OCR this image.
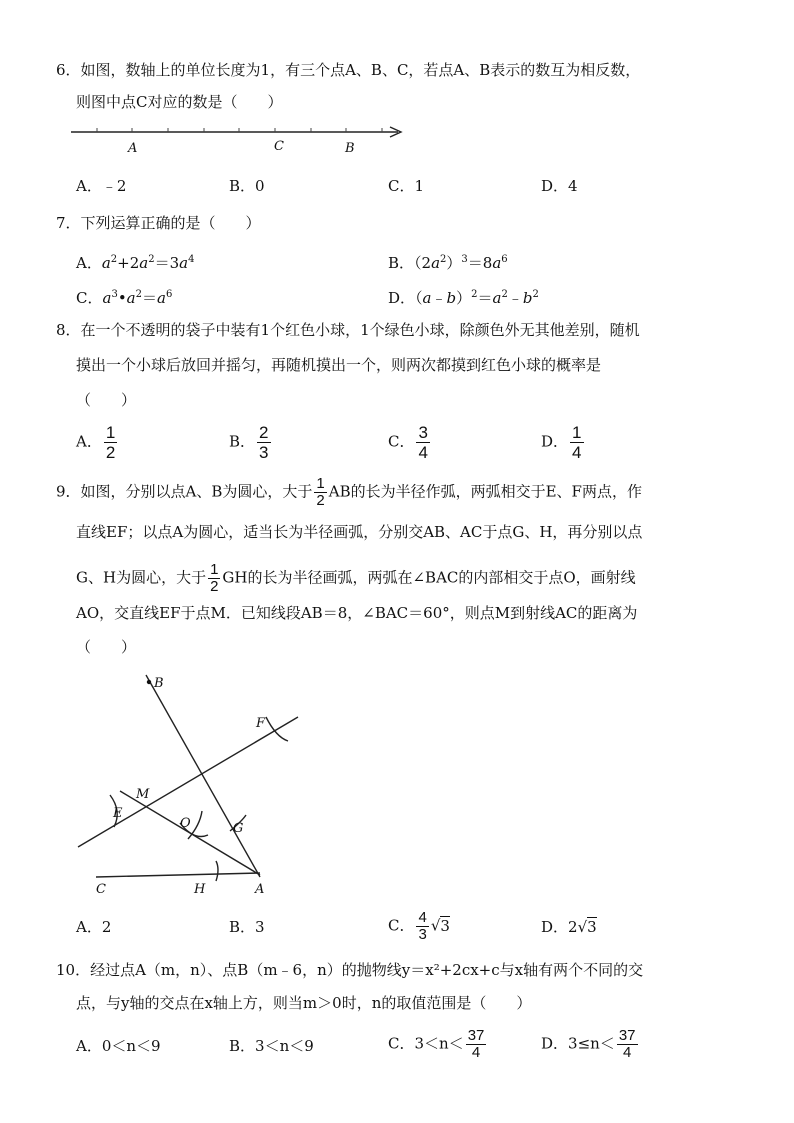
6．如图，数轴上的单位长度为1，有三个点A、B、C，若点A、B表示的数互为相反数，
则图中点C对应的数是（　　）
A	C	B
A．﹣2	B．0	C．1	D．4
7．下列运算正确的是（　　）
A．$a^2+2a^2=3a^4$	B．$(2a^2)^3=8a^6$
C．$a^3•a^2=a^6$	D．$(a﹣b)^2=a^2﹣b^2$
8．在一个不透明的袋子中装有1个红色小球，1个绿色小球，除颜色外无其他差别，随机
摸出一个小球后放回并摇匀，再随机摸出一个，则两次都摸到红色小球的概率是
（　　）
A． $\frac{1}{2}$	B． $\frac{2}{3}$	C． $\frac{3}{4}$	D． $\frac{1}{4}$
9．如图，分别以点A、B为圆心，大于 $\frac{1}{2}$ AB的长为半径作弧，两弧相交于E、F两点，作
直线EF；以点A为圆心，适当长为半径画弧，分别交AB、AC于点G、H，再分别以点
G、H为圆心，大于 $\frac{1}{2}$ GH的长为半径画弧，两弧在∠BAC的内部相交于点O，画射线
AO，交直线EF于点M．已知线段AB＝8，∠BAC＝60°，则点M到射线AC的距离为
（　　）
B
F
M
E
O	G
C	H	A
A．2	B．3	C． $\frac{4}{3} √3$	D．2√3
10．经过点A（m，n）、点B（m﹣6，n）的抛物线y＝x²+2cx+c与x轴有两个不同的交
点，与y轴的交点在x轴上方，则当m＞0时，n的取值范围是（　　）
A．0＜n＜9	B．3＜n＜9	C．$3<n< \frac{37}{4}$	D．$3\le n< \frac{37}{4}$
